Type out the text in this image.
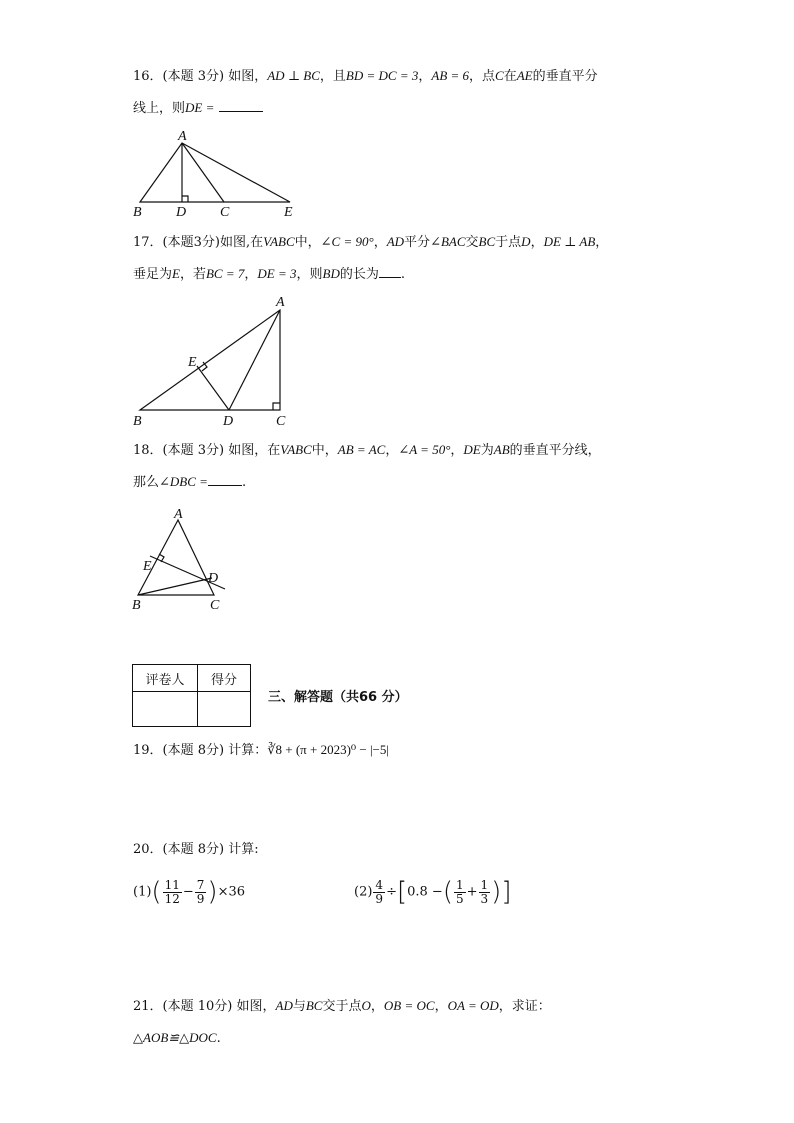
16．(本题 3分) 如图，AD ⊥ BC，且BD = DC = 3，AB = 6，点C在AE的垂直平分
线上，则DE =
A
B D C	E
17．(本题3分)如图,在VABC中，∠C = 90°，AD平分∠BAC交BC于点D，DE ⊥ AB，
垂足为E，若BC = 7，DE = 3，则BD的长为 .
A
E
B	D	C
18．(本题 3分) 如图，在VABC中，AB = AC，∠A = 50°，DE为AB的垂直平分线，
那么∠DBC =	.
A
E
D
B	C
评卷人	得分

三、解答题（共66 分）
19．(本题 8分) 计算：∛8 + (π + 2023)⁰ − |−5|
20．(本题 8分) 计算:
$(1)( \frac{11}{12} - \frac{7}{9} )\times 36$	$(2) \frac{4}{9} \div[0.8$ −( $\frac{1}{5} + \frac{1}{3}$ )]
21．(本题 10分) 如图，AD与BC交于点O，OB = OC，OA = OD，求证：
△AOB≌△DOC.
